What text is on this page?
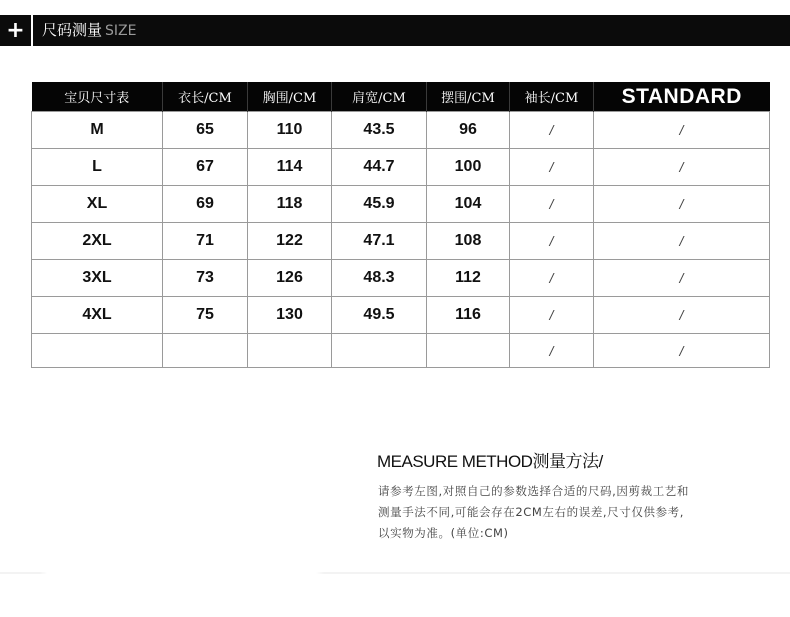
+	尺码测量 SIZE
宝贝尺寸表	衣长/CM	胸围/CM	肩宽/CM	摆围/CM	袖长/CM	STANDARD
M	65	110	43.5	96	/	/
L	67	114	44.7	100	/	/
XL	69	118	45.9	104	/	/
2XL	71	122	47.1	108	/	/
3XL	73	126	48.3	112	/	/
4XL	75	130	49.5	116	/	/
					/	/
MEASURE METHOD测量方法/
请参考左图,对照自己的参数选择合适的尺码,因剪裁工艺和
测量手法不同,可能会存在2CM左右的误差,尺寸仅供参考,
以实物为准。(单位:CM)
